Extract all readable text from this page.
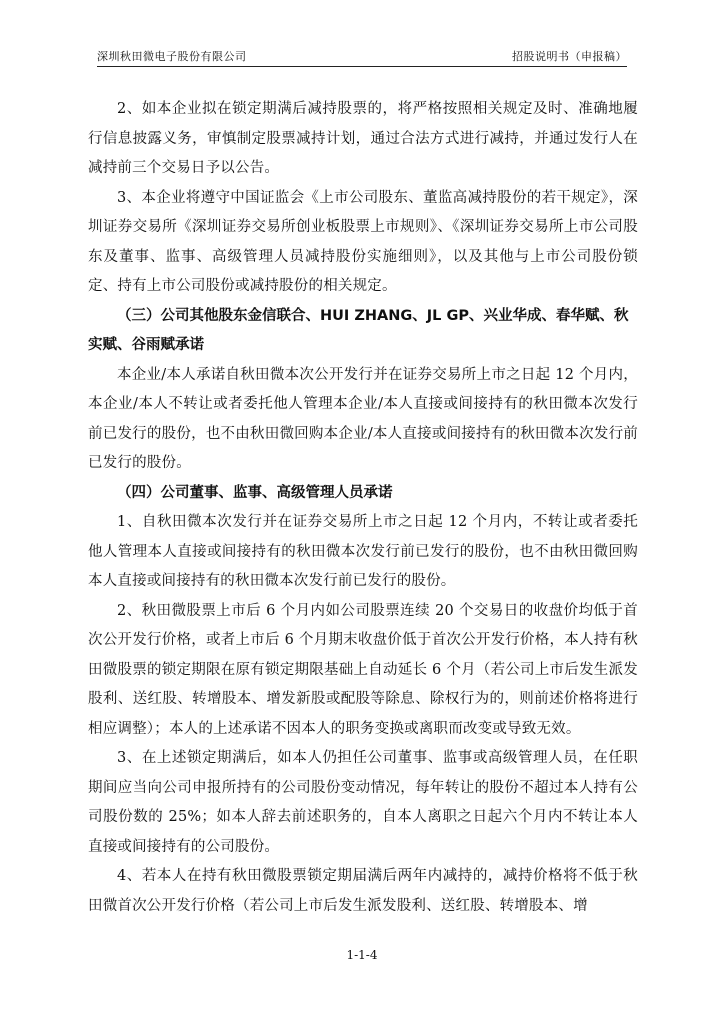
深圳秋田微电子股份有限公司	招股说明书（申报稿）

2、如本企业拟在锁定期满后减持股票的，将严格按照相关规定及时、准确地履行信息披露义务，审慎制定股票减持计划，通过合法方式进行减持，并通过发行人在减持前三个交易日予以公告。

3、本企业将遵守中国证监会《上市公司股东、董监高减持股份的若干规定》，深圳证券交易所《深圳证券交易所创业板股票上市规则》、《深圳证券交易所上市公司股东及董事、监事、高级管理人员减持股份实施细则》，以及其他与上市公司股份锁定、持有上市公司股份或减持股份的相关规定。

（三）公司其他股东金信联合、HUI ZHANG、JL GP、兴业华成、春华赋、秋实赋、谷雨赋承诺

本企业/本人承诺自秋田微本次公开发行并在证券交易所上市之日起 12 个月内，本企业/本人不转让或者委托他人管理本企业/本人直接或间接持有的秋田微本次发行前已发行的股份，也不由秋田微回购本企业/本人直接或间接持有的秋田微本次发行前已发行的股份。

（四）公司董事、监事、高级管理人员承诺

1、自秋田微本次发行并在证券交易所上市之日起 12 个月内，不转让或者委托他人管理本人直接或间接持有的秋田微本次发行前已发行的股份，也不由秋田微回购本人直接或间接持有的秋田微本次发行前已发行的股份。

2、秋田微股票上市后 6 个月内如公司股票连续 20 个交易日的收盘价均低于首次公开发行价格，或者上市后 6 个月期末收盘价低于首次公开发行价格，本人持有秋田微股票的锁定期限在原有锁定期限基础上自动延长 6 个月（若公司上市后发生派发股利、送红股、转增股本、增发新股或配股等除息、除权行为的，则前述价格将进行相应调整）；本人的上述承诺不因本人的职务变换或离职而改变或导致无效。

3、在上述锁定期满后，如本人仍担任公司董事、监事或高级管理人员，在任职期间应当向公司申报所持有的公司股份变动情况，每年转让的股份不超过本人持有公司股份数的 25%；如本人辞去前述职务的，自本人离职之日起六个月内不转让本人直接或间接持有的公司股份。

4、若本人在持有秋田微股票锁定期届满后两年内减持的，减持价格将不低于秋田微首次公开发行价格（若公司上市后发生派发股利、送红股、转增股本、增

1-1-4
